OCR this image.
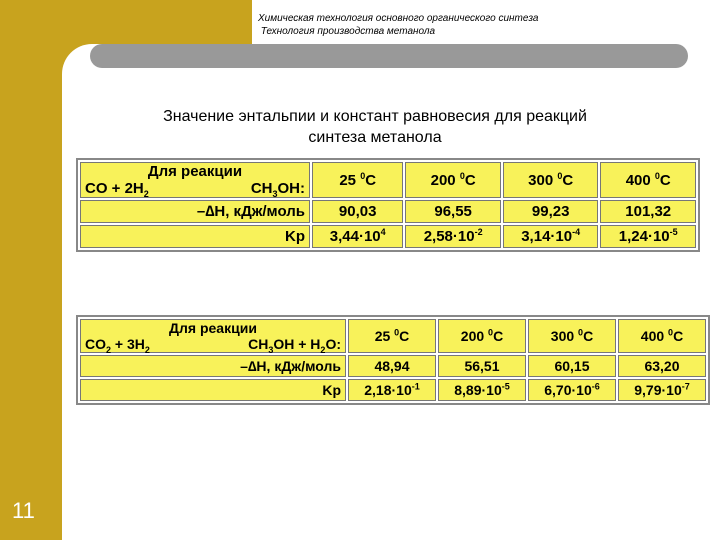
Химическая технология основного органического синтеза
Технология производства метанола
Значение энтальпии и констант равновесия для реакций
синтеза метанола
Для реакции
CO + $2H_2$ $CH_3OH$:	25 $^0$C	200 $^0$C	300 $^0$C	400 $^0$C
–∆H, кДж/моль	90,03	96,55	99,23	101,32
Kp	$3,44\cdot 10^4$	$2,58\cdot 10^{-2}$	$3,14\cdot 10^{-4}$	$1,24\cdot 10^{-5}$
Для реакции
$CO_2 + 3H_2$ $CH_3OH + H_2O$:	25 $^0$C	200 $^0$C	300 $^0$C	400 $^0$C
–∆H, кДж/моль	48,94	56,51	60,15	63,20
Kp	$2,18\cdot 10^{-1}$	$8,89\cdot 10^{-5}$	$6,70\cdot 10^{-6}$	$9,79\cdot 10^{-7}$
11
